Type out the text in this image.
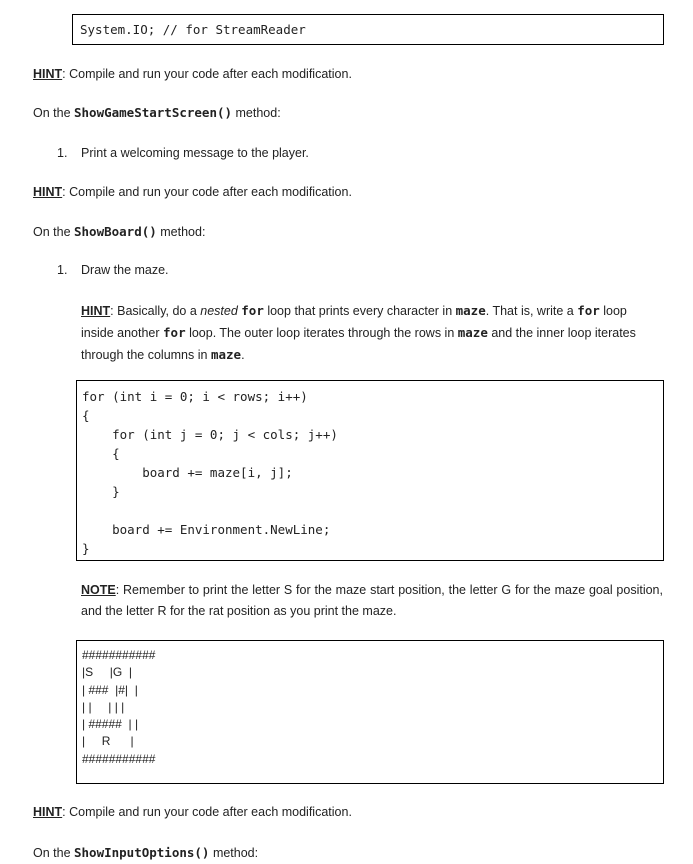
System.IO; // for StreamReader
HINT: Compile and run your code after each modification.
On the ShowGameStartScreen() method:
1. Print a welcoming message to the player.
HINT: Compile and run your code after each modification.
On the ShowBoard() method:
1. Draw the maze.
HINT: Basically, do a nested for loop that prints every character in maze. That is, write a for loop inside another for loop. The outer loop iterates through the rows in maze and the inner loop iterates through the columns in maze.
for (int i = 0; i < rows; i++)
{
for (int j = 0; j < cols; j++)
{
board += maze[i, j];
}
board += Environment.NewLine;
}
NOTE: Remember to print the letter S for the maze start position, the letter G for the maze goal position, and the letter R for the rat position as you print the maze.
###########
|S     |G  |
| ###  |#|  |
| |     | | |
| #####  | |
|     R      |
###########
HINT: Compile and run your code after each modification.
On the ShowInputOptions() method:
